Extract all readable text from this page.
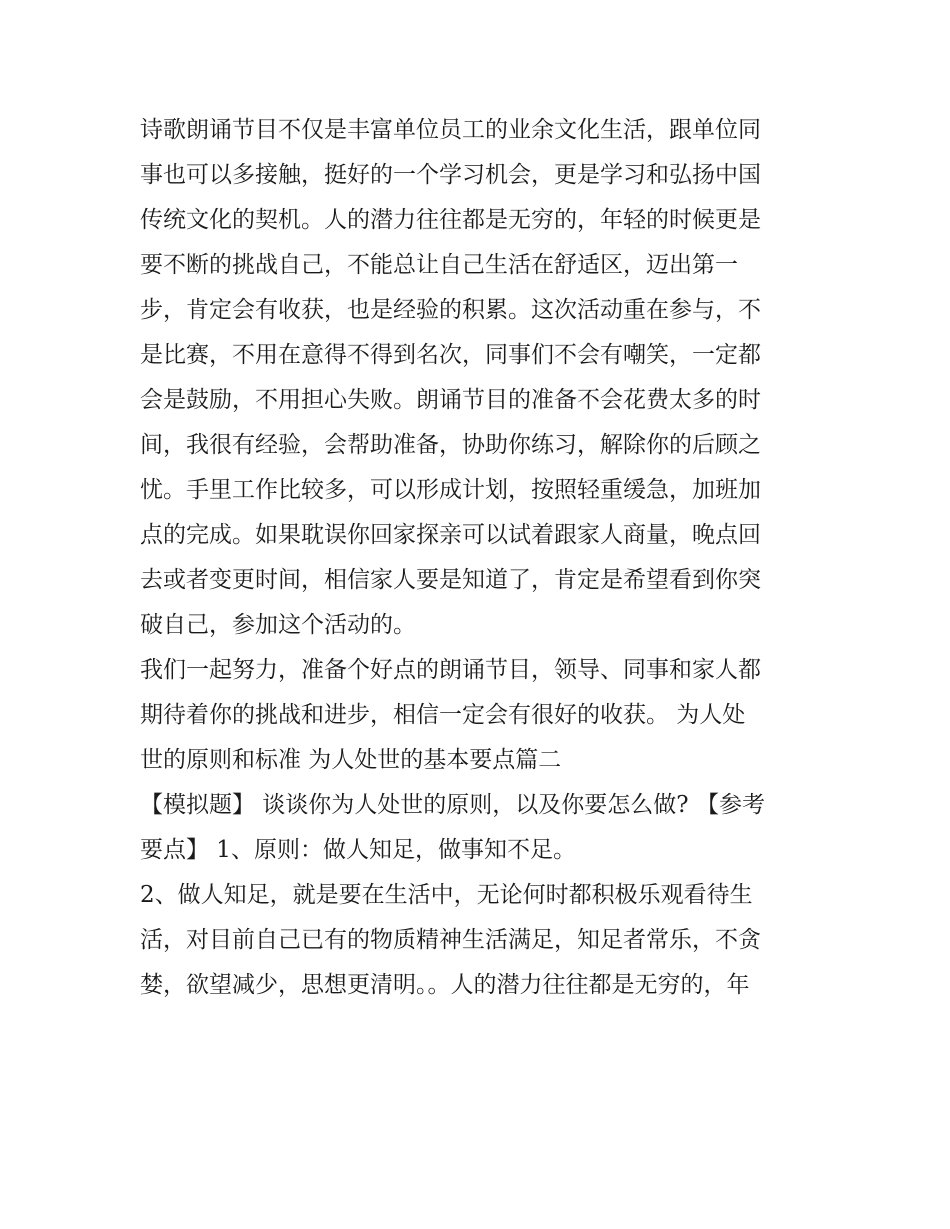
诗歌朗诵节目不仅是丰富单位员工的业余文化生活，跟单位同
事也可以多接触，挺好的一个学习机会，更是学习和弘扬中国
传统文化的契机。人的潜力往往都是无穷的，年轻的时候更是
要不断的挑战自己，不能总让自己生活在舒适区，迈出第一
步，肯定会有收获，也是经验的积累。这次活动重在参与，不
是比赛，不用在意得不得到名次，同事们不会有嘲笑，一定都
会是鼓励，不用担心失败。朗诵节目的准备不会花费太多的时
间，我很有经验，会帮助准备，协助你练习，解除你的后顾之
忧。手里工作比较多，可以形成计划，按照轻重缓急，加班加
点的完成。如果耽误你回家探亲可以试着跟家人商量，晚点回
去或者变更时间，相信家人要是知道了，肯定是希望看到你突
破自己，参加这个活动的。
我们一起努力，准备个好点的朗诵节目，领导、同事和家人都
期待着你的挑战和进步，相信一定会有很好的收获。 为人处
世的原则和标准 为人处世的基本要点篇二
【模拟题】 谈谈你为人处世的原则，以及你要怎么做? 【参考
要点】 1、原则：做人知足，做事知不足。
2、做人知足，就是要在生活中，无论何时都积极乐观看待生
活，对目前自己已有的物质精神生活满足，知足者常乐，不贪
婪，欲望减少，思想更清明。。人的潜力往往都是无穷的，年
